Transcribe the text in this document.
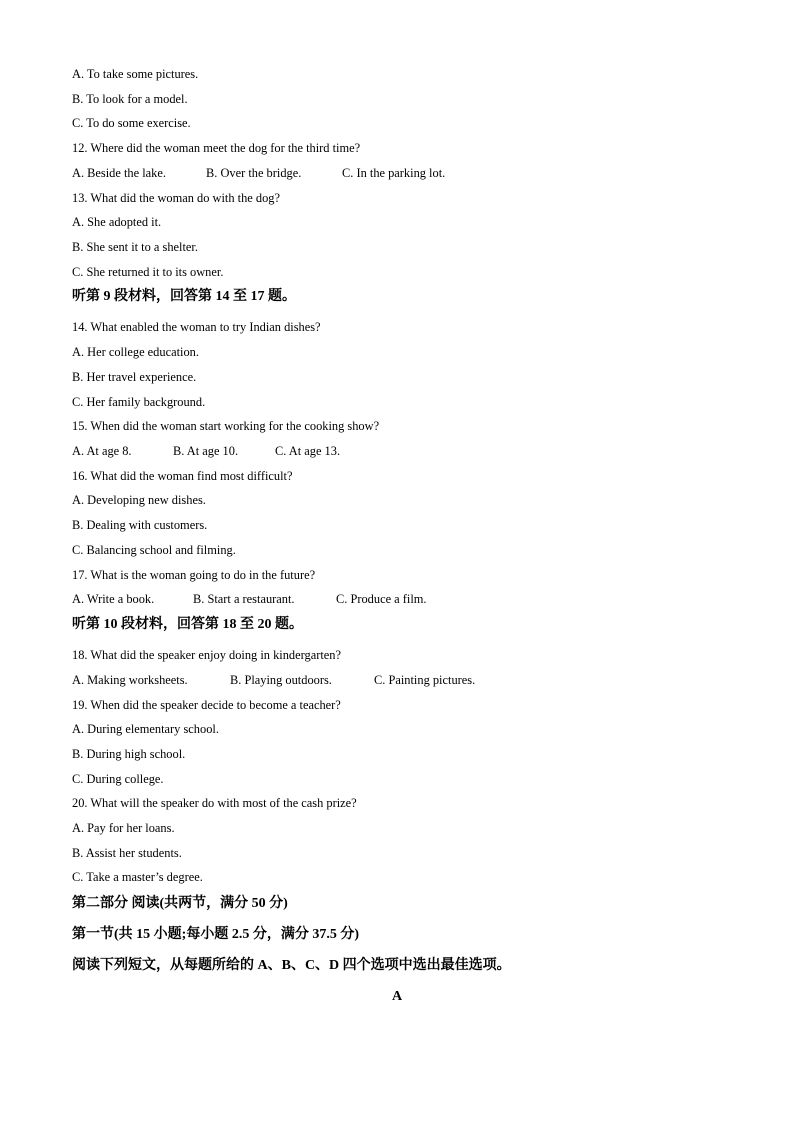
A. To take some pictures.
B. To look for a model.
C. To do some exercise.
12. Where did the woman meet the dog for the third time?
A. Beside the lake.	B. Over the bridge.	C. In the parking lot.
13. What did the woman do with the dog?
A. She adopted it.
B. She sent it to a shelter.
C. She returned it to its owner.
听第 9 段材料，回答第 14 至 17 题。
14. What enabled the woman to try Indian dishes?
A. Her college education.
B. Her travel experience.
C. Her family background.
15. When did the woman start working for the cooking show?
A. At age 8.	B. At age 10.	C. At age 13.
16. What did the woman find most difficult?
A. Developing new dishes.
B. Dealing with customers.
C. Balancing school and filming.
17. What is the woman going to do in the future?
A. Write a book.	B. Start a restaurant.	C. Produce a film.
听第 10 段材料，回答第 18 至 20 题。
18. What did the speaker enjoy doing in kindergarten?
A. Making worksheets.	B. Playing outdoors.	C. Painting pictures.
19. When did the speaker decide to become a teacher?
A. During elementary school.
B. During high school.
C. During college.
20. What will the speaker do with most of the cash prize?
A. Pay for her loans.
B. Assist her students.
C. Take a master’s degree.
第二部分 阅读(共两节，满分 50 分)
第一节(共 15 小题;每小题 2.5 分，满分 37.5 分)
阅读下列短文，从每题所给的 A、B、C、D 四个选项中选出最佳选项。
A
